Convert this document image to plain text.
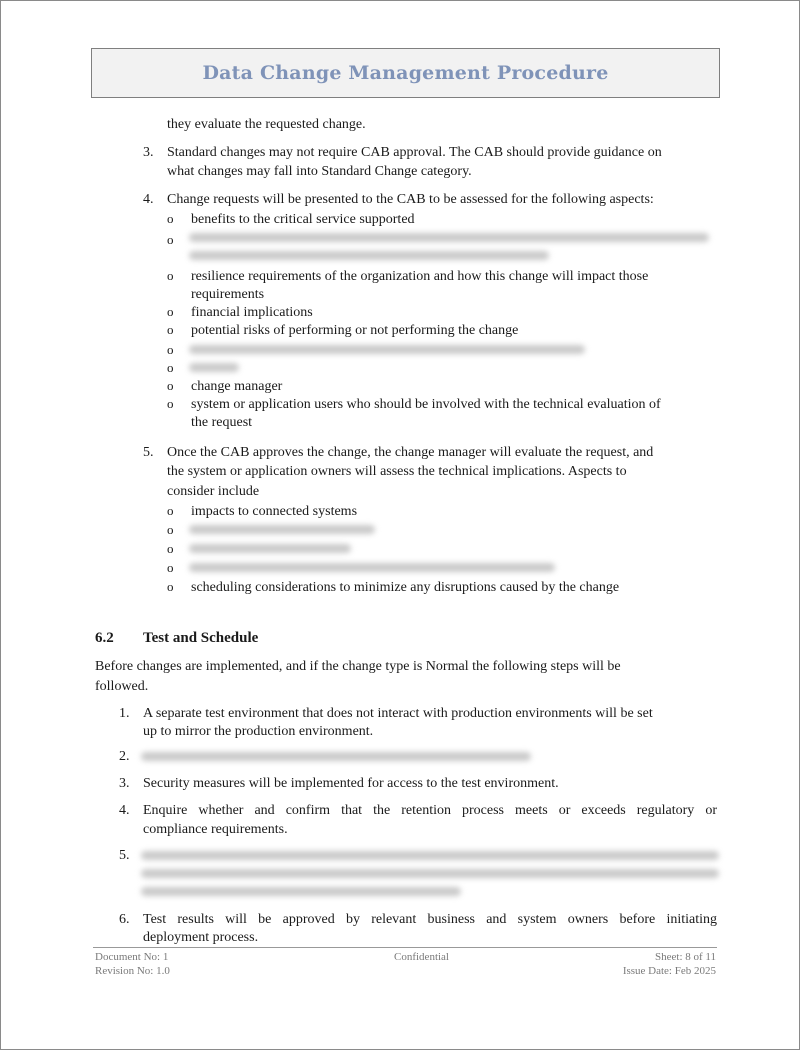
Data Change Management Procedure
they evaluate the requested change.
3. Standard changes may not require CAB approval. The CAB should provide guidance on
what changes may fall into Standard Change category.
4. Change requests will be presented to the CAB to be assessed for the following aspects:
o benefits to the critical service supported
o
o resilience requirements of the organization and how this change will impact those
requirements
o financial implications
o potential risks of performing or not performing the change
o
o
o change manager
o system or application users who should be involved with the technical evaluation of
the request
5. Once the CAB approves the change, the change manager will evaluate the request, and
the system or application owners will assess the technical implications. Aspects to
consider include
o impacts to connected systems
o
o
o
o scheduling considerations to minimize any disruptions caused by the change
6.2 Test and Schedule
Before changes are implemented, and if the change type is Normal the following steps will be
followed.
1. A separate test environment that does not interact with production environments will be set
up to mirror the production environment.
2.
3. Security measures will be implemented for access to the test environment.
4. Enquire whether and confirm that the retention process meets or exceeds regulatory or
compliance requirements.
5.
6. Test results will be approved by relevant business and system owners before initiating
deployment process.
Document No: 1
Revision No: 1.0
Confidential	Sheet: 8 of 11
Issue Date: Feb 2025
